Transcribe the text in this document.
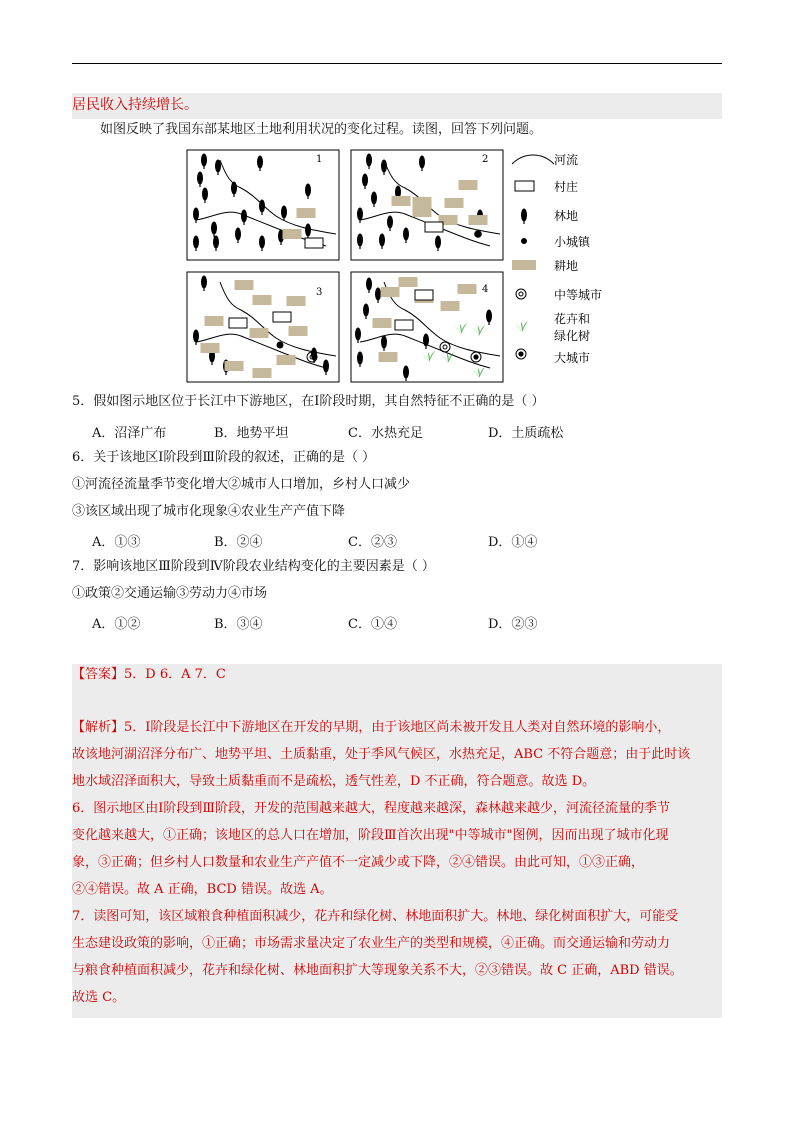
居民收入持续增长。
如图反映了我国东部某地区土地利用状况的变化过程。读图，回答下列问题。
1	2
3	4
河流
村庄
林地
小城镇
耕地
中等城市
花卉和
绿化树
大城市
5．假如图示地区位于长江中下游地区，在Ⅰ阶段时期，其自然特征不正确的是（ ）
A．沼泽广布	B．地势平坦	C．水热充足	D．土质疏松
6．关于该地区Ⅰ阶段到Ⅲ阶段的叙述，正确的是（ ）
①河流径流量季节变化增大②城市人口增加，乡村人口减少
③该区域出现了城市化现象④农业生产产值下降
A．①③	B．②④	C．②③	D．①④
7．影响该地区Ⅲ阶段到Ⅳ阶段农业结构变化的主要因素是（ ）
①政策②交通运输③劳动力④市场
A．①②	B．③④	C．①④	D．②③
【答案】5．D 6．A 7．C
【解析】5．Ⅰ阶段是长江中下游地区在开发的早期，由于该地区尚未被开发且人类对自然环境的影响小，
故该地河湖沼泽分布广、地势平坦、土质黏重，处于季风气候区，水热充足，ABC 不符合题意；由于此时该
地水域沼泽面积大，导致土质黏重而不是疏松，透气性差，D 不正确，符合题意。故选 D。
6．图示地区由Ⅰ阶段到Ⅲ阶段，开发的范围越来越大，程度越来越深，森林越来越少，河流径流量的季节
变化越来越大，①正确；该地区的总人口在增加，阶段Ⅲ首次出现"中等城市"图例，因而出现了城市化现
象，③正确；但乡村人口数量和农业生产产值不一定减少或下降，②④错误。由此可知，①③正确，
②④错误。故 A 正确，BCD 错误。故选 A。
7．读图可知，该区域粮食种植面积减少，花卉和绿化树、林地面积扩大。林地、绿化树面积扩大，可能受
生态建设政策的影响，①正确；市场需求量决定了农业生产的类型和规模，④正确。而交通运输和劳动力
与粮食种植面积减少，花卉和绿化树、林地面积扩大等现象关系不大，②③错误。故 C 正确，ABD 错误。
故选 C。
